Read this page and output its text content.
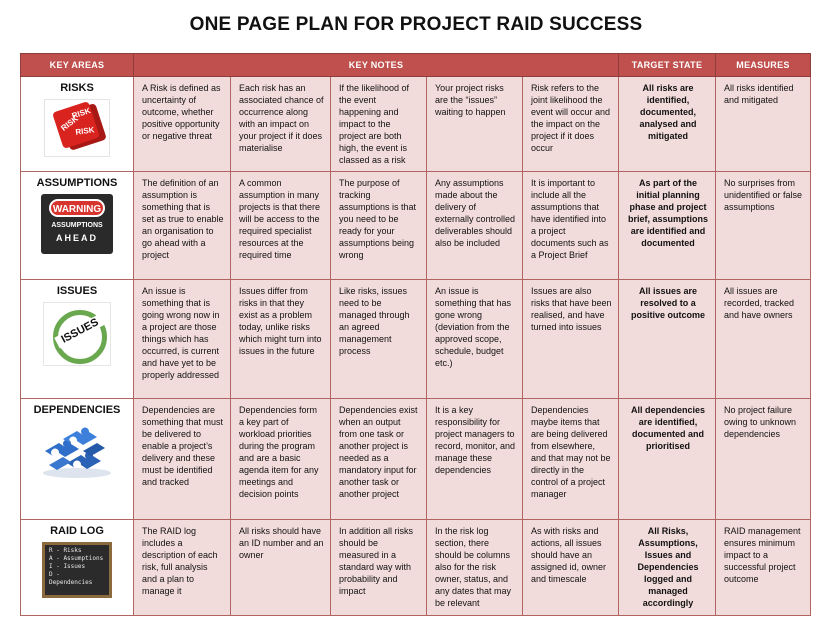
ONE PAGE PLAN FOR PROJECT RAID SUCCESS
KEY AREAS	KEY NOTES					TARGET STATE	MEASURES

RISKS
RISK
RISK
RISK	A Risk is defined as uncertainty of outcome, whether positive opportunity or negative threat	Each risk has an associated chance of occurrence along with an impact on your project if it does materialise	If the likelihood of the event happening and impact to the project are both high, the event is classed as a risk	Your project risks are the “issues” waiting to happen	Risk refers to the joint likelihood the event will occur and the impact on the project if it does occur	All risks are identified, documented, analysed and mitigated	All risks identified and mitigated

ASSUMPTIONS
WARNING
ASSUMPTIONS
AHEAD	The definition of an assumption is something that is set as true to enable an organisation to go ahead with a project	A common assumption in many projects is that there will be access to the required specialist resources at the required time	The purpose of tracking assumptions is that you need to be ready for your assumptions being wrong	Any assumptions made about the delivery of externally controlled deliverables should also be included	It is important to include all the assumptions that have identified into a project documents such as a Project Brief	As part of the initial planning phase and project brief, assumptions are identified and documented	No surprises from unidentified or false assumptions

ISSUES
ISSUES	An issue is something that is going wrong now in a project are those things which has occurred, is current and have yet to be properly addressed	Issues differ from risks in that they exist as a problem today, unlike risks which might turn into issues in the future	Like risks, issues need to be managed through an agreed management process	An issue is something that has gone wrong (deviation from the approved scope, schedule, budget etc.)	Issues are also risks that have been realised, and have turned into issues	All issues are resolved to a positive outcome	All issues are recorded, tracked and have owners

DEPENDENCIES	Dependencies are something that must be delivered to enable a project’s delivery and these must be identified and tracked	Dependencies form a key part of workload priorities during the program and are a basic agenda item for any meetings and decision points	Dependencies exist when an output from one task or another project is needed as a mandatory input for another task or another project	It is a key responsibility for project managers to record, monitor, and manage these dependencies	Dependencies maybe items that are being delivered from elsewhere, and that may not be directly in the control of a project manager	All dependencies are identified, documented and prioritised	No project failure owing to unknown dependencies

RAID LOG
R - Risks
A - Assumptions
I - Issues
D - Dependencies	The RAID log includes a description of each risk, full analysis and a plan to manage it	All risks should have an ID number and an owner	In addition all risks should be measured in a standard way with probability and impact	In the risk log section, there should be columns also for the risk owner, status, and any dates that may be relevant	As with risks and actions, all issues should have an assigned id, owner and timescale	All Risks, Assumptions, Issues and Dependencies logged and managed accordingly	RAID management ensures minimum impact to a successful project outcome
